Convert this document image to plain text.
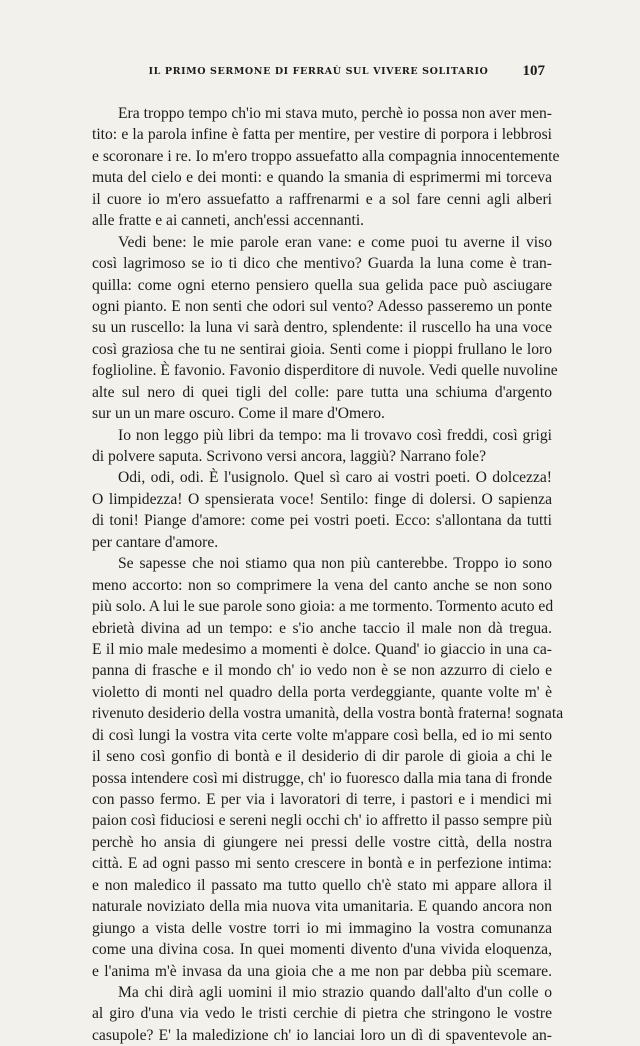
IL PRIMO SERMONE DI FERRAÙ SUL VIVERE SOLITARIO	107
Era troppo tempo ch'io mi stava muto, perchè io possa non aver men-
tito: e la parola infine è fatta per mentire, per vestire di porpora i lebbrosi
e scoronare i re. Io m'ero troppo assuefatto alla compagnia innocentemente
muta del cielo e dei monti: e quando la smania di esprimermi mi torceva
il cuore io m'ero assuefatto a raffrenarmi e a sol fare cenni agli alberi
alle fratte e ai canneti, anch'essi accennanti.
Vedi bene: le mie parole eran vane: e come puoi tu averne il viso
così lagrimoso se io ti dico che mentivo? Guarda la luna come è tran-
quilla: come ogni eterno pensiero quella sua gelida pace può asciugare
ogni pianto. E non senti che odori sul vento? Adesso passeremo un ponte
su un ruscello: la luna vi sarà dentro, splendente: il ruscello ha una voce
così graziosa che tu ne sentirai gioia. Senti come i pioppi frullano le loro
foglioline. È favonio. Favonio disperditore di nuvole. Vedi quelle nuvoline
alte sul nero di quei tigli del colle: pare tutta una schiuma d'argento
sur un un mare oscuro. Come il mare d'Omero.
Io non leggo più libri da tempo: ma li trovavo così freddi, così grigi
di polvere saputa. Scrivono versi ancora, laggiù? Narrano fole?
Odi, odi, odi. È l'usignolo. Quel sì caro ai vostri poeti. O dolcezza!
O limpidezza! O spensierata voce! Sentilo: finge di dolersi. O sapienza
di toni! Piange d'amore: come pei vostri poeti. Ecco: s'allontana da tutti
per cantare d'amore.
Se sapesse che noi stiamo qua non più canterebbe. Troppo io sono
meno accorto: non so comprimere la vena del canto anche se non sono
più solo. A lui le sue parole sono gioia: a me tormento. Tormento acuto ed
ebrietà divina ad un tempo: e s'io anche taccio il male non dà tregua.
E il mio male medesimo a momenti è dolce. Quand' io giaccio in una ca-
panna di frasche e il mondo ch' io vedo non è se non azzurro di cielo e
violetto di monti nel quadro della porta verdeggiante, quante volte m' è
rivenuto desiderio della vostra umanità, della vostra bontà fraterna! sognata
di così lungi la vostra vita certe volte m'appare così bella, ed io mi sento
il seno così gonfio di bontà e il desiderio di dir parole di gioia a chi le
possa intendere così mi distrugge, ch' io fuoresco dalla mia tana di fronde
con passo fermo. E per via i lavoratori di terre, i pastori e i mendici mi
paion così fiduciosi e sereni negli occhi ch' io affretto il passo sempre più
perchè ho ansia di giungere nei pressi delle vostre città, della nostra
città. E ad ogni passo mi sento crescere in bontà e in perfezione intima:
e non maledico il passato ma tutto quello ch'è stato mi appare allora il
naturale noviziato della mia nuova vita umanitaria. E quando ancora non
giungo a vista delle vostre torri io mi immagino la vostra comunanza
come una divina cosa. In quei momenti divento d'una vivida eloquenza,
e l'anima m'è invasa da una gioia che a me non par debba più scemare.
Ma chi dirà agli uomini il mio strazio quando dall'alto d'un colle o
al giro d'una via vedo le tristi cerchie di pietra che stringono le vostre
casupole? E' la maledizione ch' io lanciai loro un dì di spaventevole an-
